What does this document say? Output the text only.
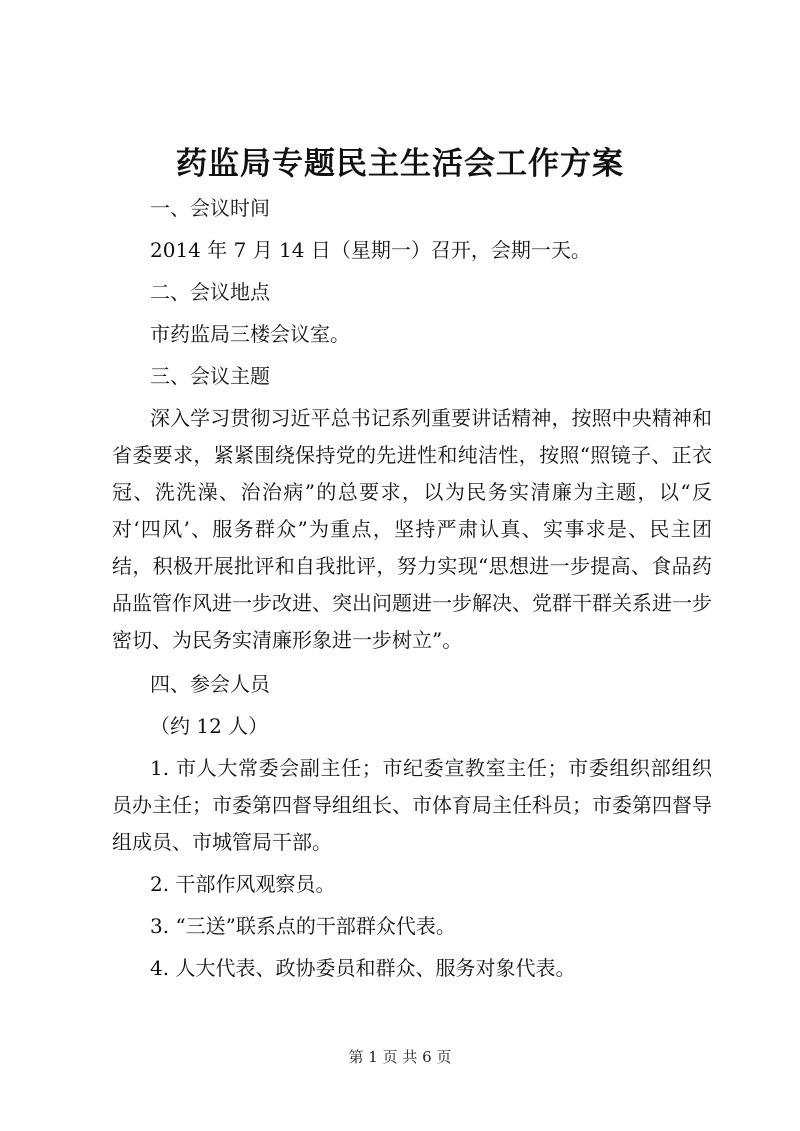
药监局专题民主生活会工作方案

一、会议时间

2014 年 7 月 14 日（星期一）召开，会期一天。

二、会议地点

市药监局三楼会议室。

三、会议主题

深入学习贯彻习近平总书记系列重要讲话精神，按照中央精神和省委要求，紧紧围绕保持党的先进性和纯洁性，按照“照镜子、正衣冠、洗洗澡、治治病”的总要求，以为民务实清廉为主题，以“反对‘四风’、服务群众”为重点，坚持严肃认真、实事求是、民主团结，积极开展批评和自我批评，努力实现“思想进一步提高、食品药品监管作风进一步改进、突出问题进一步解决、党群干群关系进一步密切、为民务实清廉形象进一步树立”。

四、参会人员

（约 12 人）

1. 市人大常委会副主任；市纪委宣教室主任；市委组织部组织员办主任；市委第四督导组组长、市体育局主任科员；市委第四督导组成员、市城管局干部。

2. 干部作风观察员。

3. “三送”联系点的干部群众代表。

4. 人大代表、政协委员和群众、服务对象代表。

第 1 页 共 6 页
